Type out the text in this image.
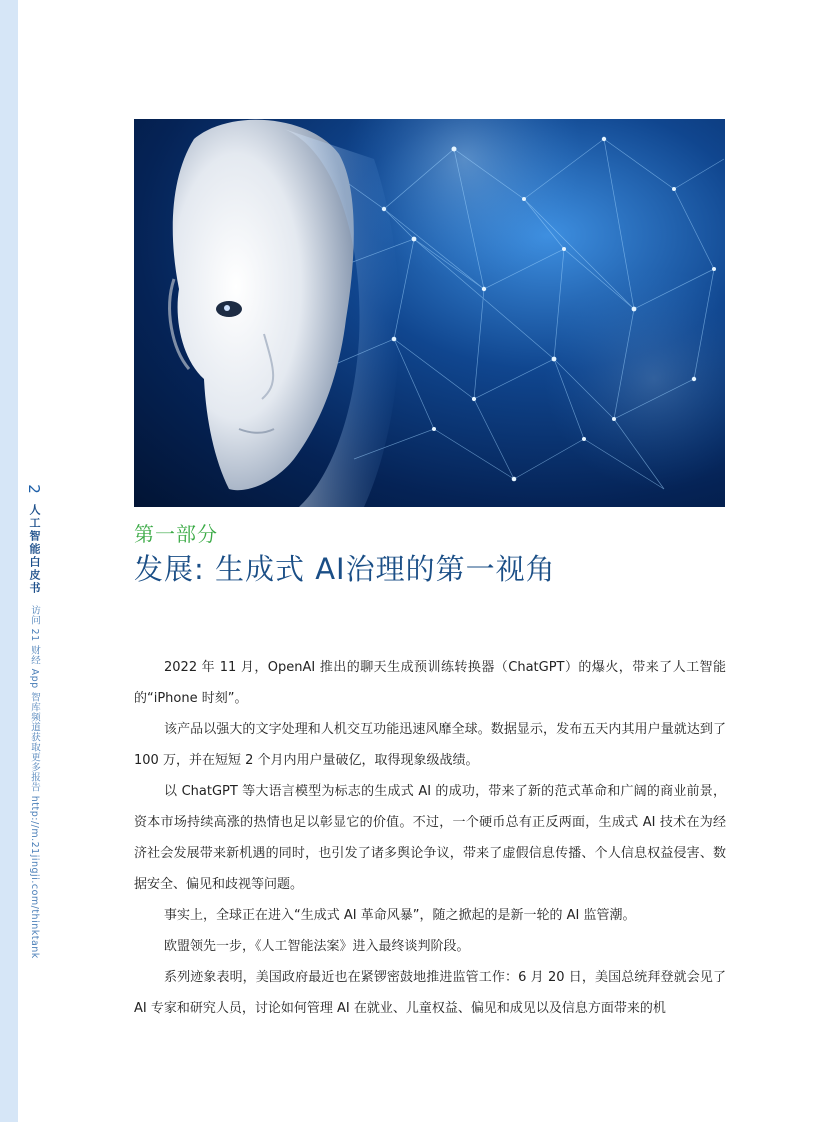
2
人工智能白皮书
访问 21 财经 App 智库频道获取更多报告 http://m.21jingji.com/thinktank
第一部分
发展: 生成式 AI治理的第一视角

2022 年 11 月，OpenAI 推出的聊天生成预训练转换器（ChatGPT）的爆火，带来了人工智能的“iPhone 时刻”。

该产品以强大的文字处理和人机交互功能迅速风靡全球。数据显示，发布五天内其用户量就达到了 100 万，并在短短 2 个月内用户量破亿，取得现象级战绩。

以 ChatGPT 等大语言模型为标志的生成式 AI 的成功，带来了新的范式革命和广阔的商业前景，资本市场持续高涨的热情也足以彰显它的价值。不过，一个硬币总有正反两面，生成式 AI 技术在为经济社会发展带来新机遇的同时，也引发了诸多舆论争议，带来了虚假信息传播、个人信息权益侵害、数据安全、偏见和歧视等问题。

事实上，全球正在进入“生成式 AI 革命风暴”，随之掀起的是新一轮的 AI 监管潮。

欧盟领先一步，《人工智能法案》进入最终谈判阶段。

系列迹象表明，美国政府最近也在紧锣密鼓地推进监管工作：6 月 20 日，美国总统拜登就会见了 AI 专家和研究人员，讨论如何管理 AI 在就业、儿童权益、偏见和成见以及信息方面带来的机
